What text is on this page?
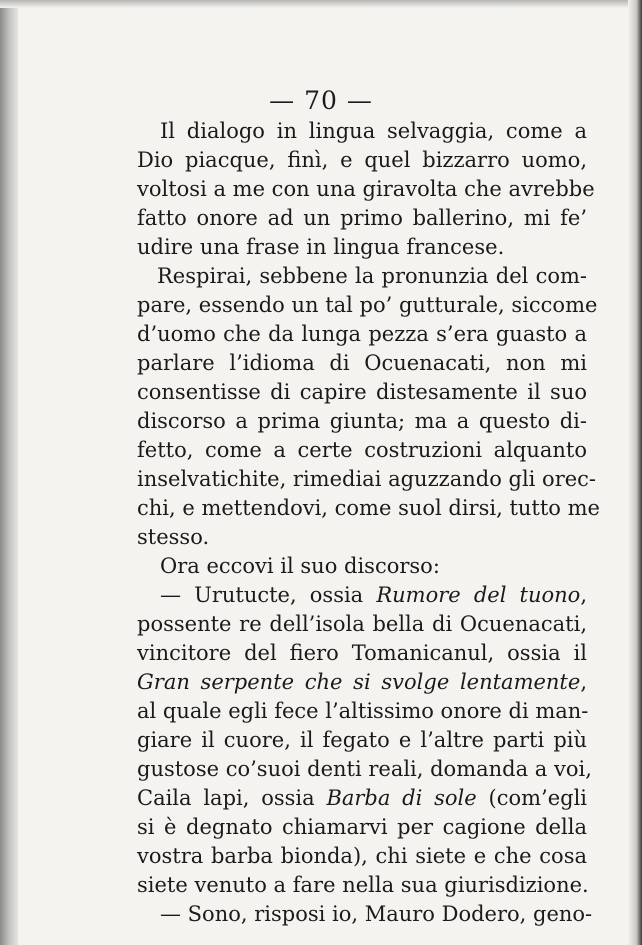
— 70 —
Il dialogo in lingua selvaggia, come a
Dio piacque, finì, e quel bizzarro uomo,
voltosi a me con una giravolta che avrebbe
fatto onore ad un primo ballerino, mi fe’
udire una frase in lingua francese.
Respirai, sebbene la pronunzia del com-
pare, essendo un tal po’ gutturale, siccome
d’uomo che da lunga pezza s’era guasto a
parlare l’idioma di Ocuenacati, non mi
consentisse di capire distesamente il suo
discorso a prima giunta; ma a questo di-
fetto, come a certe costruzioni alquanto
inselvatichite, rimediai aguzzando gli orec-
chi, e mettendovi, come suol dirsi, tutto me
stesso.
Ora eccovi il suo discorso:
— Urutucte, ossia Rumore del tuono,
possente re dell’isola bella di Ocuenacati,
vincitore del fiero Tomanicanul, ossia il
Gran serpente che si svolge lentamente,
al quale egli fece l’altissimo onore di man-
giare il cuore, il fegato e l’altre parti più
gustose co’suoi denti reali, domanda a voi,
Caila lapi, ossia Barba di sole (com’egli
si è degnato chiamarvi per cagione della
vostra barba bionda), chi siete e che cosa
siete venuto a fare nella sua giurisdizione.
— Sono, risposi io, Mauro Dodero, geno-
